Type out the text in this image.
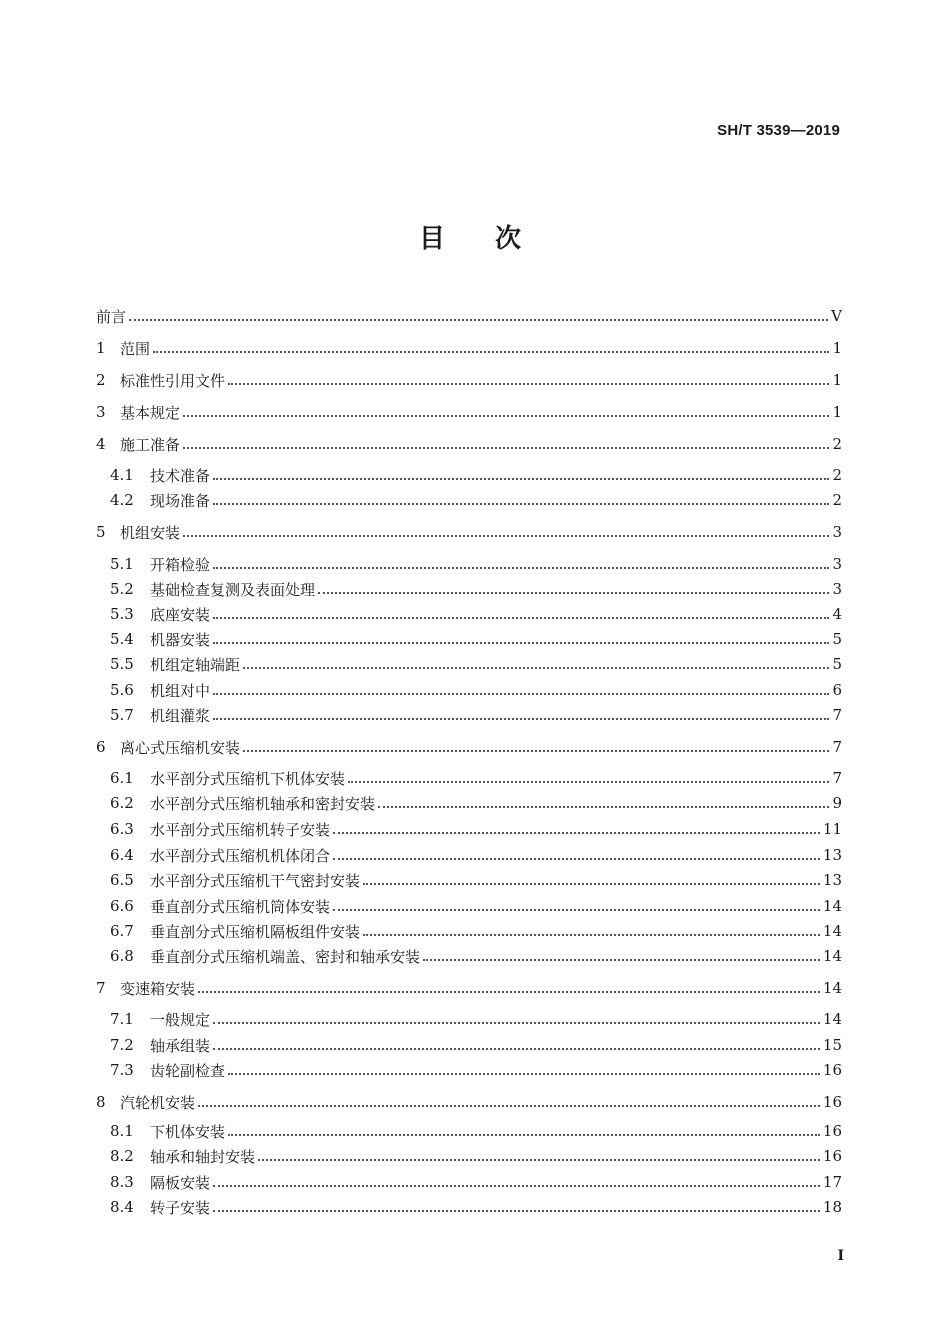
SH/T 3539—2019
目次
前言	V
1 范围	1
2 标准性引用文件	1
3 基本规定	1
4 施工准备	2
4.1	技术准备	2
4.2	现场准备	2
5 机组安装	3
5.1	开箱检验	3
5.2	基础检查复测及表面处理	3
5.3	底座安装	4
5.4	机器安装	5
5.5	机组定轴端距	5
5.6	机组对中	6
5.7	机组灌浆	7
6 离心式压缩机安装	7
6.1	水平剖分式压缩机下机体安装	7
6.2	水平剖分式压缩机轴承和密封安装	9
6.3	水平剖分式压缩机转子安装	11
6.4	水平剖分式压缩机机体闭合	13
6.5	水平剖分式压缩机干气密封安装	13
6.6	垂直剖分式压缩机筒体安装	14
6.7	垂直剖分式压缩机隔板组件安装	14
6.8	垂直剖分式压缩机端盖、密封和轴承安装	14
7 变速箱安装	14
7.1	一般规定	14
7.2	轴承组装	15
7.3	齿轮副检查	16
8 汽轮机安装	16
8.1	下机体安装	16
8.2	轴承和轴封安装	16
8.3	隔板安装	17
8.4	转子安装	18
I
